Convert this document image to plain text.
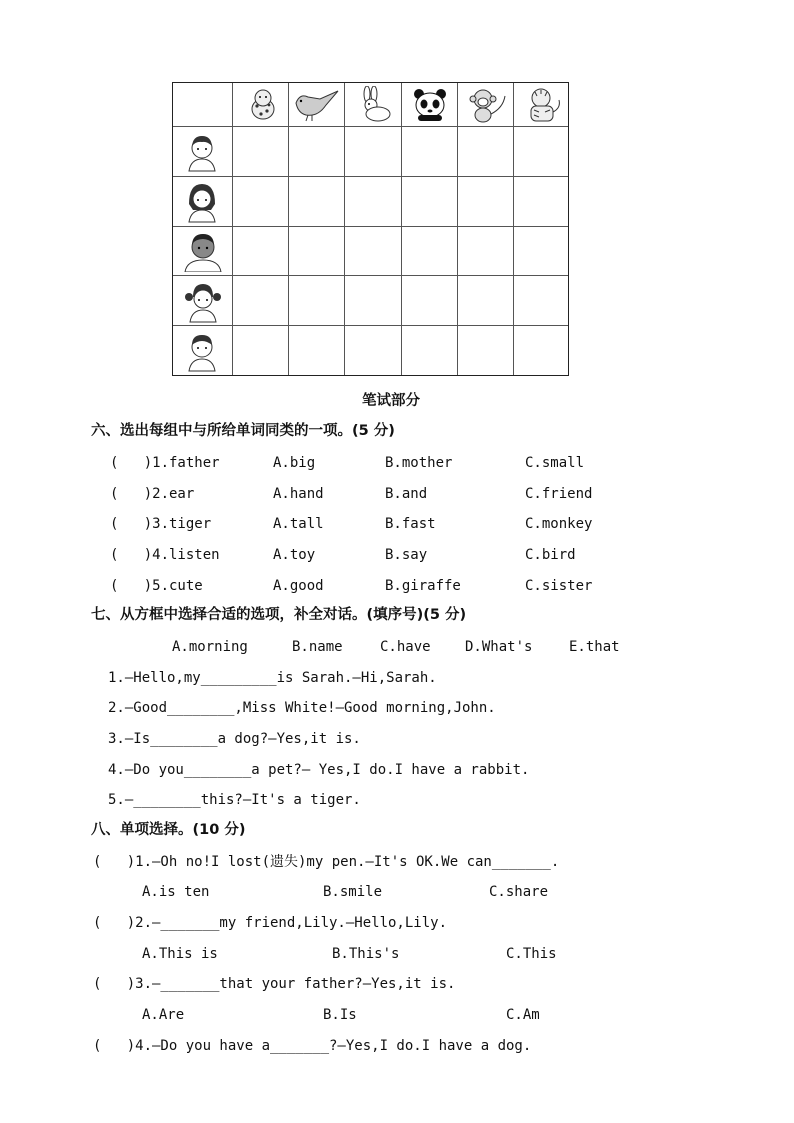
笔试部分
六、选出每组中与所给单词同类的一项。(5 分)
(   )1.father	A.big	B.mother	C.small
(   )2.ear	A.hand	B.and	C.friend
(   )3.tiger	A.tall	B.fast	C.monkey
(   )4.listen	A.toy	B.say	C.bird
(   )5.cute	A.good	B.giraffe	C.sister
七、从方框中选择合适的选项，补全对话。(填序号)(5 分)
A.morning	B.name	C.have D.What's	E.that
1.—Hello,my_________is Sarah.—Hi,Sarah.
2.—Good________,Miss White!—Good morning,John.
3.—Is________a dog?—Yes,it is.
4.—Do you________a pet?— Yes,I do.I have a rabbit.
5.—________this?—It's a tiger.
八、单项选择。(10 分)
(   )1.—Oh no!I lost(遗失)my pen.—It's OK.We can_______.
A.is ten	B.smile	C.share
(   )2.—_______my friend,Lily.—Hello,Lily.
A.This is	B.This's	C.This
(   )3.—_______that your father?—Yes,it is.
A.Are	B.Is	C.Am
(   )4.—Do you have a_______?—Yes,I do.I have a dog.
